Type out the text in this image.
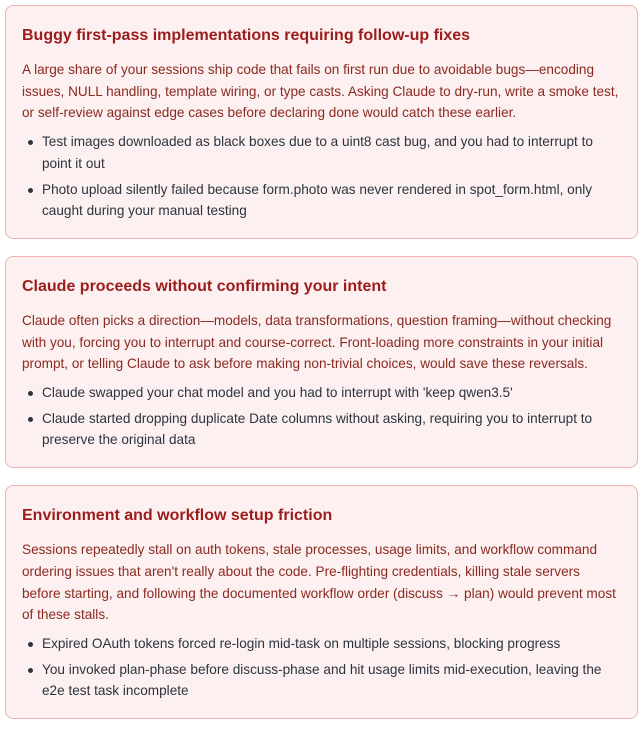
Buggy first-pass implementations requiring follow-up fixes

A large share of your sessions ship code that fails on first run due to avoidable bugs—encoding issues, NULL handling, template wiring, or type casts. Asking Claude to dry-run, write a smoke test, or self-review against edge cases before declaring done would catch these earlier.

Test images downloaded as black boxes due to a uint8 cast bug, and you had to interrupt to point it out
Photo upload silently failed because form.photo was never rendered in spot_form.html, only caught during your manual testing
Claude proceeds without confirming your intent

Claude often picks a direction—models, data transformations, question framing—without checking with you, forcing you to interrupt and course-correct. Front-loading more constraints in your initial prompt, or telling Claude to ask before making non-trivial choices, would save these reversals.

Claude swapped your chat model and you had to interrupt with 'keep qwen3.5'
Claude started dropping duplicate Date columns without asking, requiring you to interrupt to preserve the original data
Environment and workflow setup friction

Sessions repeatedly stall on auth tokens, stale processes, usage limits, and workflow command ordering issues that aren't really about the code. Pre-flighting credentials, killing stale servers before starting, and following the documented workflow order (discuss → plan) would prevent most of these stalls.

Expired OAuth tokens forced re-login mid-task on multiple sessions, blocking progress
You invoked plan-phase before discuss-phase and hit usage limits mid-execution, leaving the e2e test task incomplete
